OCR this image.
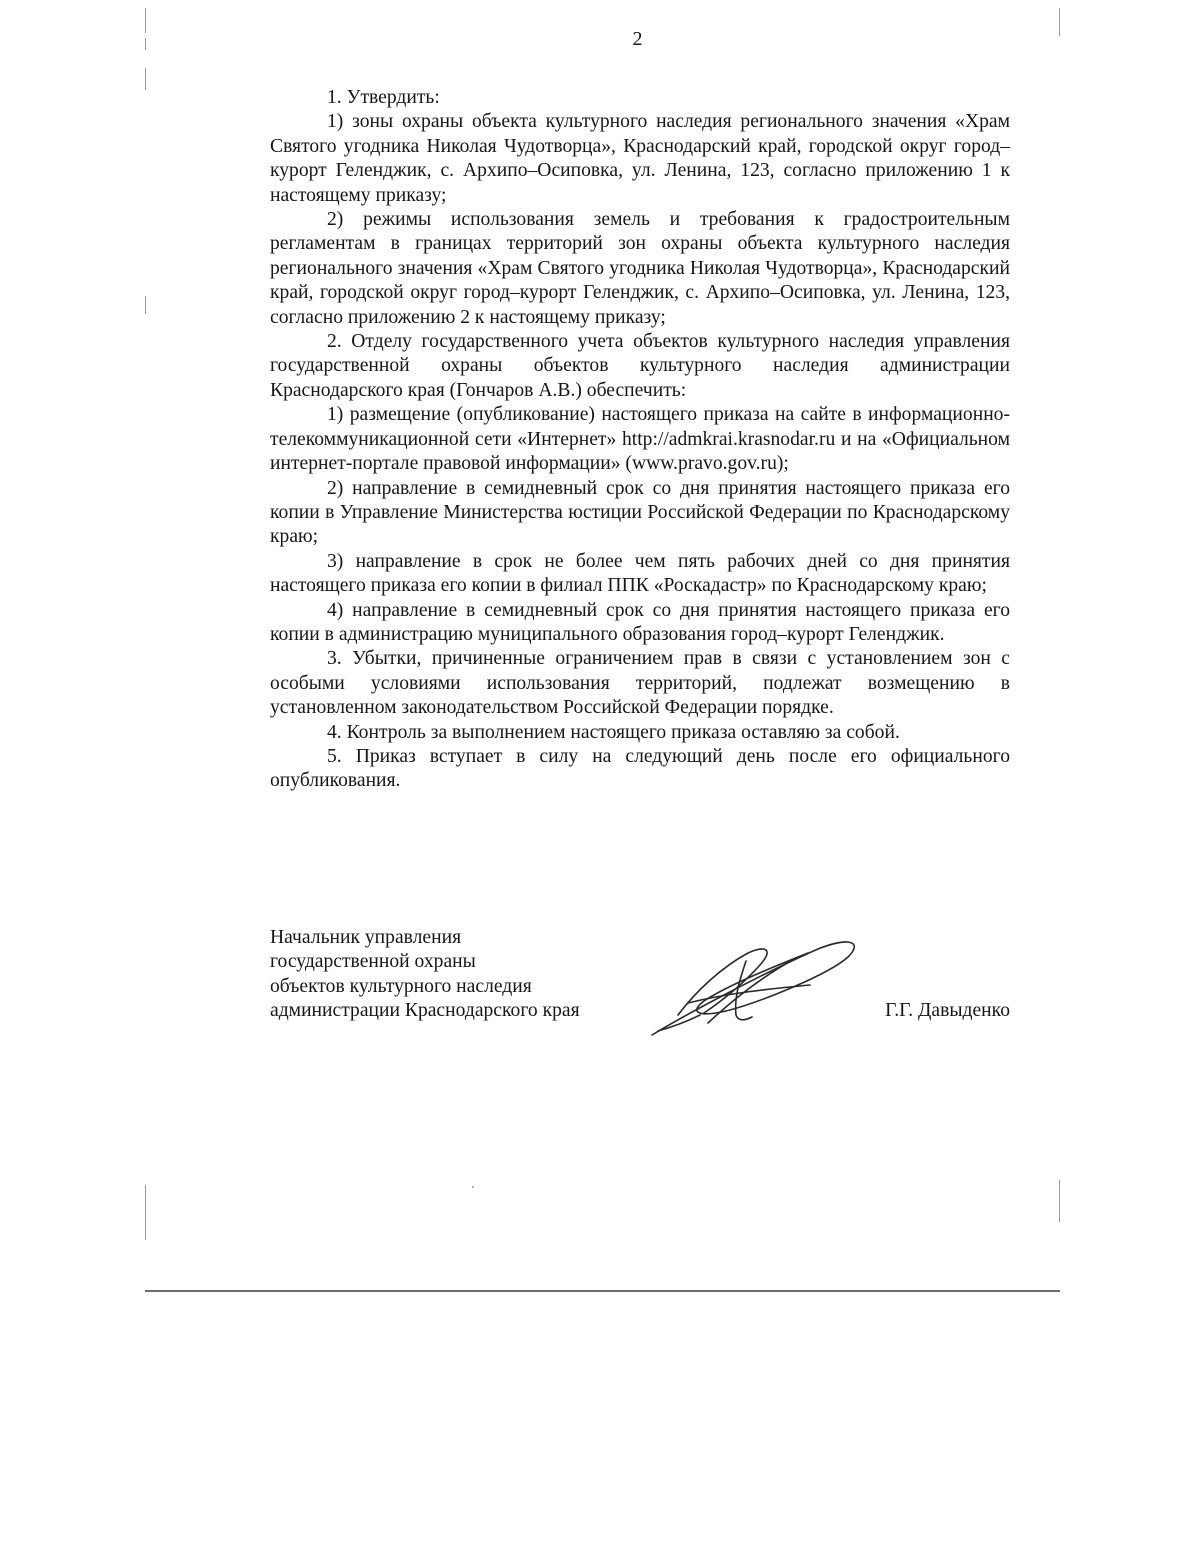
2

1. Утвердить:

1) зоны охраны объекта культурного наследия регионального значения «Храм Святого угодника Николая Чудотворца», Краснодарский край, городской округ город–курорт Геленджик, с. Архипо–Осиповка, ул. Ленина, 123, согласно приложению 1 к настоящему приказу;

2) режимы использования земель и требования к градостроительным регламентам в границах территорий зон охраны объекта культурного наследия регионального значения «Храм Святого угодника Николая Чудотворца», Краснодарский край, городской округ город–курорт Геленджик, с. Архипо–Осиповка, ул. Ленина, 123, согласно приложению 2 к настоящему приказу;

2. Отделу государственного учета объектов культурного наследия управления государственной охраны объектов культурного наследия администрации Краснодарского края (Гончаров А.В.) обеспечить:

1) размещение (опубликование) настоящего приказа на сайте в информационно-телекоммуникационной сети «Интернет» http://admkrai.krasnodar.ru и на «Официальном интернет-портале правовой информации» (www.pravo.gov.ru);

2) направление в семидневный срок со дня принятия настоящего приказа его копии в Управление Министерства юстиции Российской Федерации по Краснодарскому краю;

3) направление в срок не более чем пять рабочих дней со дня принятия настоящего приказа его копии в филиал ППК «Роскадастр» по Краснодарскому краю;

4) направление в семидневный срок со дня принятия настоящего приказа его копии в администрацию муниципального образования город–курорт Геленджик.

3. Убытки, причиненные ограничением прав в связи с установлением зон с особыми условиями использования территорий, подлежат возмещению в установленном законодательством Российской Федерации порядке.

4. Контроль за выполнением настоящего приказа оставляю за собой.

5. Приказ вступает в силу на следующий день после его официального опубликования.

Начальник управления
государственной охраны
объектов культурного наследия
администрации Краснодарского края	Г.Г. Давыденко
